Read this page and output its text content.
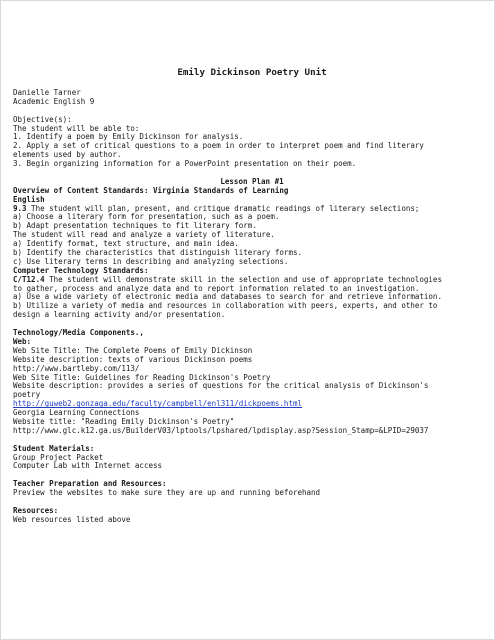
Emily Dickinson Poetry Unit
Danielle Tarner
Academic English 9
Objective(s):
The student will be able to:
1. Identify a poem by Emily Dickinson for analysis.
2. Apply a set of critical questions to a poem in order to interpret poem and find literary
elements used by author.
3. Begin organizing information for a PowerPoint presentation on their poem.
Lesson Plan #1
Overview of Content Standards: Virginia Standards of Learning
English
9.3 The student will plan, present, and critique dramatic readings of literary selections;
a) Choose a literary form for presentation, such as a poem.
b) Adapt presentation techniques to fit literary form.
The student will read and analyze a variety of literature.
a) Identify format, text structure, and main idea.
b) Identify the characteristics that distinguish literary forms.
c) Use literary terms in describing and analyzing selections.
Computer Technology Standards:
C/T12.4 The student will demonstrate skill in the selection and use of appropriate technologies
to gather, process and analyze data and to report information related to an investigation.
a) Use a wide variety of electronic media and databases to search for and retrieve information.
b) Utilize a variety of media and resources in collaboration with peers, experts, and other to
design a learning activity and/or presentation.
Technology/Media Components.,
Web:
Web Site Title: The Complete Poems of Emily Dickinson
Website description: texts of various Dickinson poems
http://www.bartleby.com/113/
Web Site Title: Guidelines for Reading Dickinson's Poetry
Website description: provides a series of questions for the critical analysis of Dickinson's
poetry
http://guweb2.gonzaga.edu/faculty/campbell/enl311/dickpoems.html
Georgia Learning Connections
Website title: "Reading Emily Dickinson's Poetry"
http://www.glc.k12.ga.us/BuilderV03/lptools/lpshared/lpdisplay.asp?Session_Stamp=&LPID=29037
Student Materials:
Group Project Packet
Computer Lab with Internet access
Teacher Preparation and Resources:
Preview the websites to make sure they are up and running beforehand
Resources:
Web resources listed above
